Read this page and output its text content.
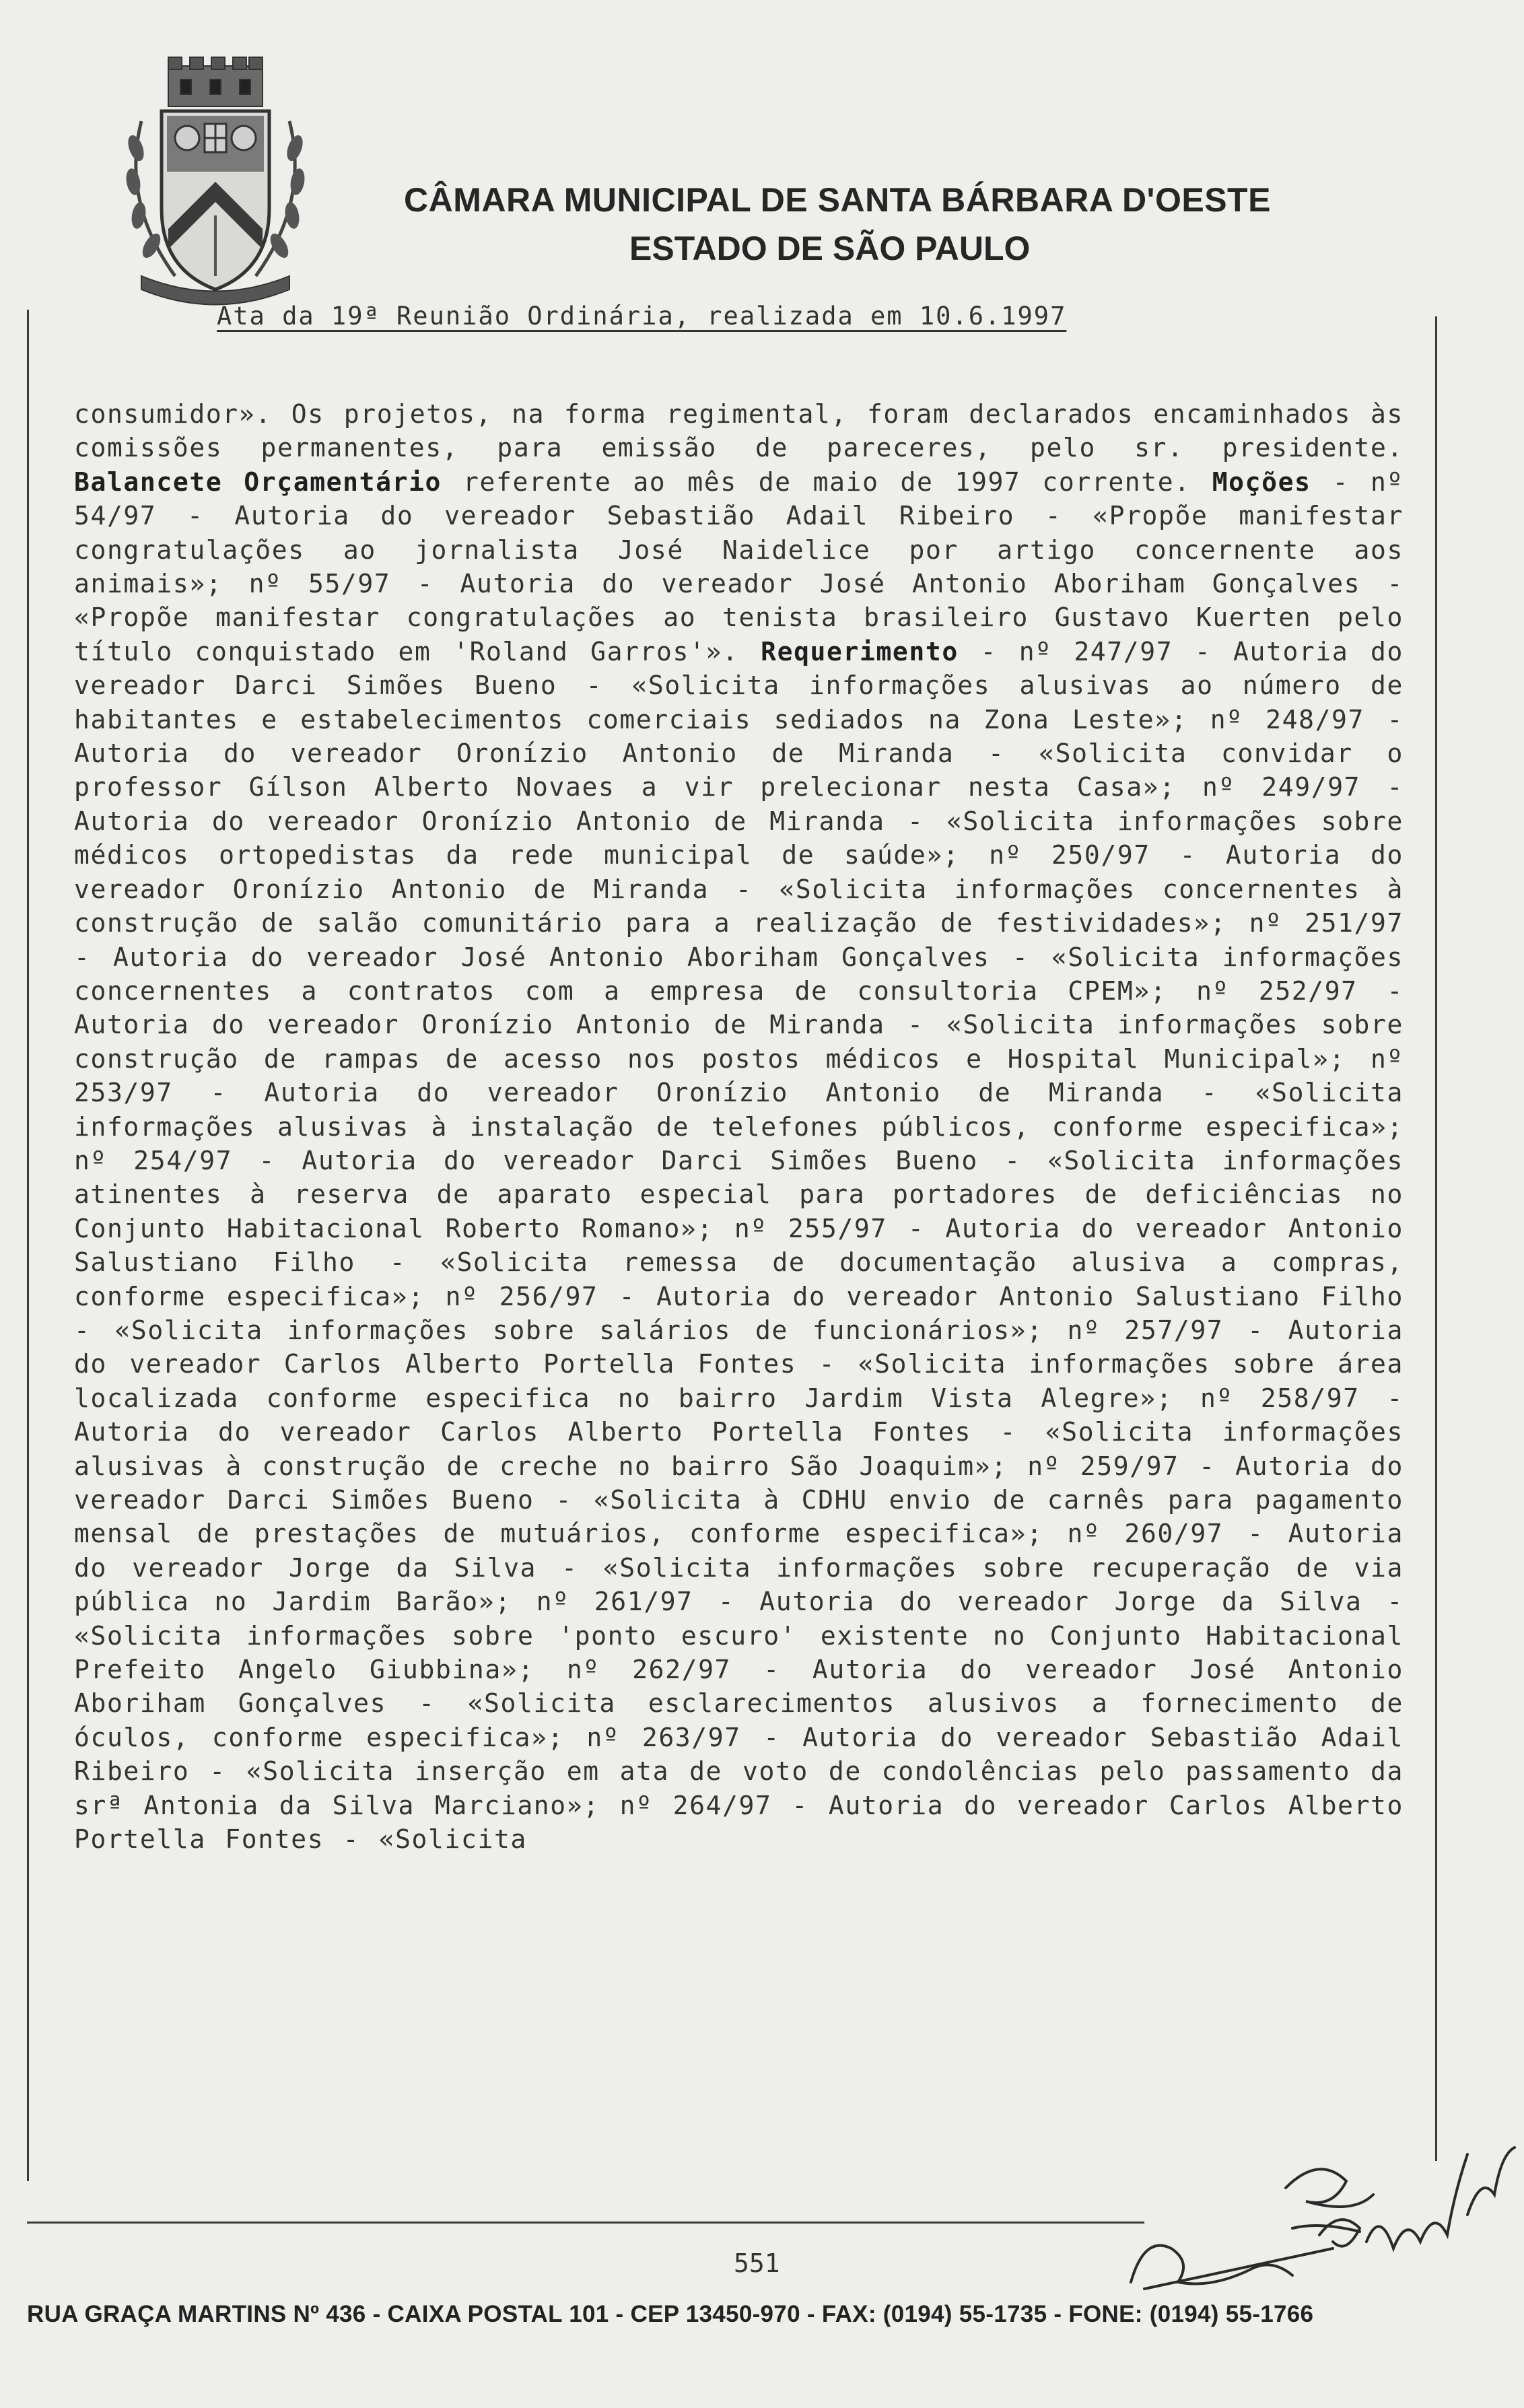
CÂMARA MUNICIPAL DE SANTA BÁRBARA D'OESTE
ESTADO DE SÃO PAULO
Ata da 19ª Reunião Ordinária, realizada em 10.6.1997
consumidor». Os projetos, na forma regimental, foram declarados encaminhados às comissões permanentes, para emissão de pareceres, pelo sr. presidente. Balancete Orçamentário referente ao mês de maio de 1997 corrente. Moções - nº 54/97 - Autoria do vereador Sebastião Adail Ribeiro - «Propõe manifestar congratulações ao jornalista José Naidelice por artigo concernente aos animais»; nº 55/97 - Autoria do vereador José Antonio Aboriham Gonçalves - «Propõe manifestar congratulações ao tenista brasileiro Gustavo Kuerten pelo título conquistado em 'Roland Garros'». Requerimento - nº 247/97 - Autoria do vereador Darci Simões Bueno - «Solicita informações alusivas ao número de habitantes e estabelecimentos comerciais sediados na Zona Leste»; nº 248/97 - Autoria do vereador Oronízio Antonio de Miranda - «Solicita convidar o professor Gílson Alberto Novaes a vir prelecionar nesta Casa»; nº 249/97 - Autoria do vereador Oronízio Antonio de Miranda - «Solicita informações sobre médicos ortopedistas da rede municipal de saúde»; nº 250/97 - Autoria do vereador Oronízio Antonio de Miranda - «Solicita informações concernentes à construção de salão comunitário para a realização de festividades»; nº 251/97 - Autoria do vereador José Antonio Aboriham Gonçalves - «Solicita informações concernentes a contratos com a empresa de consultoria CPEM»; nº 252/97 - Autoria do vereador Oronízio Antonio de Miranda - «Solicita informações sobre construção de rampas de acesso nos postos médicos e Hospital Municipal»; nº 253/97 - Autoria do vereador Oronízio Antonio de Miranda - «Solicita informações alusivas à instalação de telefones públicos, conforme especifica»; nº 254/97 - Autoria do vereador Darci Simões Bueno - «Solicita informações atinentes à reserva de aparato especial para portadores de deficiências no Conjunto Habitacional Roberto Romano»; nº 255/97 - Autoria do vereador Antonio Salustiano Filho - «Solicita remessa de documentação alusiva a compras, conforme especifica»; nº 256/97 - Autoria do vereador Antonio Salustiano Filho - «Solicita informações sobre salários de funcionários»; nº 257/97 - Autoria do vereador Carlos Alberto Portella Fontes - «Solicita informações sobre área localizada conforme especifica no bairro Jardim Vista Alegre»; nº 258/97 - Autoria do vereador Carlos Alberto Portella Fontes - «Solicita informações alusivas à construção de creche no bairro São Joaquim»; nº 259/97 - Autoria do vereador Darci Simões Bueno - «Solicita à CDHU envio de carnês para pagamento mensal de prestações de mutuários, conforme especifica»; nº 260/97 - Autoria do vereador Jorge da Silva - «Solicita informações sobre recuperação de via pública no Jardim Barão»; nº 261/97 - Autoria do vereador Jorge da Silva - «Solicita informações sobre 'ponto escuro' existente no Conjunto Habitacional Prefeito Angelo Giubbina»; nº 262/97 - Autoria do vereador José Antonio Aboriham Gonçalves - «Solicita esclarecimentos alusivos a fornecimento de óculos, conforme especifica»; nº 263/97 - Autoria do vereador Sebastião Adail Ribeiro - «Solicita inserção em ata de voto de condolências pelo passamento da srª Antonia da Silva Marciano»; nº 264/97 - Autoria do vereador Carlos Alberto Portella Fontes - «Solicita
551
RUA GRAÇA MARTINS Nº 436 - CAIXA POSTAL 101 - CEP 13450-970 - FAX: (0194) 55-1735 - FONE: (0194) 55-1766
